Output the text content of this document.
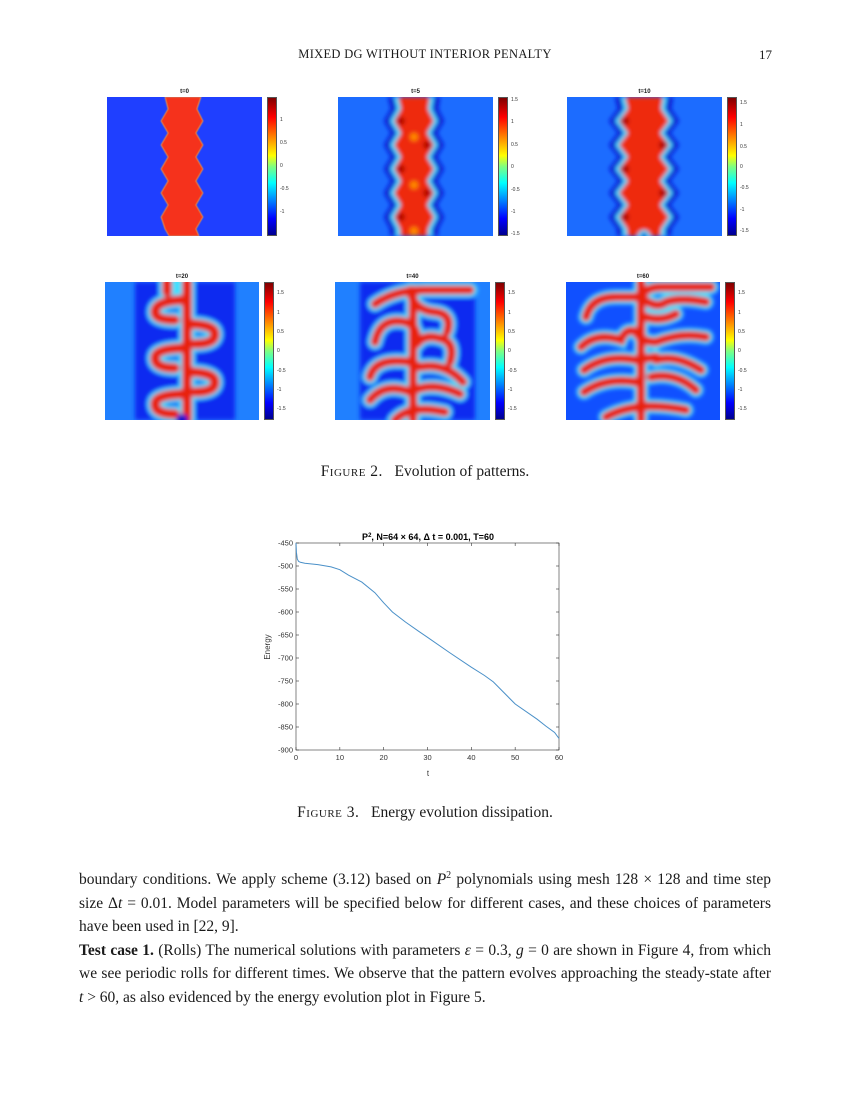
MIXED DG WITHOUT INTERIOR PENALTY	17
t=0
1
0.5
0
-0.5
-1
t=5
1.5
1
0.5
0
-0.5
-1
-1.5
t=10
1.5
1
0.5
0
-0.5
-1
-1.5
t=20
1.5
1
0.5
0
-0.5
-1
-1.5
t=40
1.5
1
0.5
0
-0.5
-1
-1.5
t=60
1.5
1
0.5
0
-0.5
-1
-1.5
Figure 2. Evolution of patterns.
$P^2$, N=64 × 64, Δ t = 0.001, T=60
0	10	20	30	40	50	60
-450
-500
-550
-600
-650
-700
-750
-800
-850
-900
t
Energy
Figure 3. Energy evolution dissipation.

boundary conditions. We apply scheme (3.12) based on $P^2$ polynomials using mesh 128 × 128 and time step size Δt = 0.01. Model parameters will be specified below for different cases, and these choices of parameters have been used in [22, 9].

Test case 1. (Rolls) The numerical solutions with parameters ε = 0.3, g = 0 are shown in Figure 4, from which we see periodic rolls for different times. We observe that the pattern evolves approaching the steady-state after t > 60, as also evidenced by the energy evolution plot in Figure 5.
